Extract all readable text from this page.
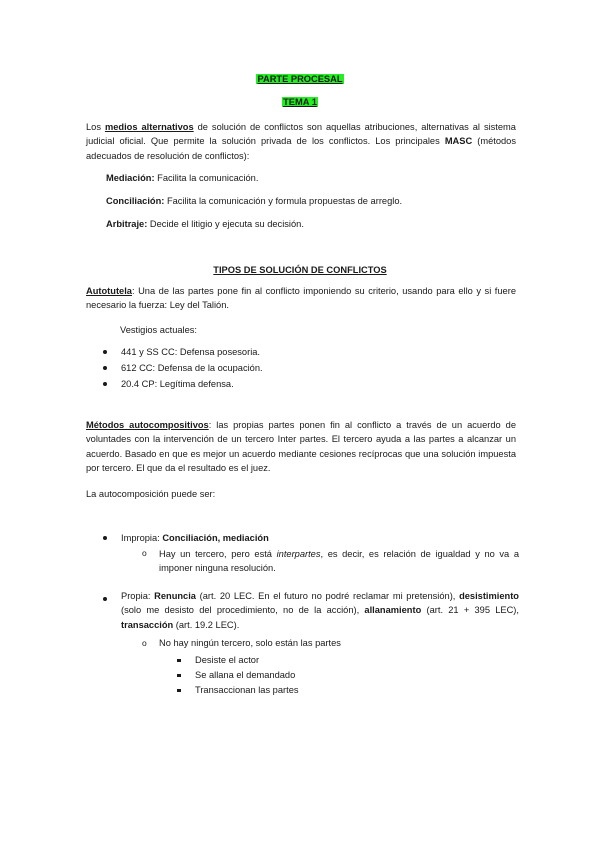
PARTE PROCESAL
TEMA 1
Los medios alternativos de solución de conflictos son aquellas atribuciones, alternativas al sistema judicial oficial. Que permite la solución privada de los conflictos. Los principales MASC (métodos adecuados de resolución de conflictos):
Mediación: Facilita la comunicación.
Conciliación: Facilita la comunicación y formula propuestas de arreglo.
Arbitraje: Decide el litigio y ejecuta su decisión.
TIPOS DE SOLUCIÓN DE CONFLICTOS
Autotutela: Una de las partes pone fin al conflicto imponiendo su criterio, usando para ello y si fuere necesario la fuerza: Ley del Talión.
Vestigios actuales:
441 y SS CC: Defensa posesoria.
612 CC: Defensa de la ocupación.
20.4 CP: Legítima defensa.
Métodos autocompositivos: las propias partes ponen fin al conflicto a través de un acuerdo de voluntades con la intervención de un tercero Inter partes. El tercero ayuda a las partes a alcanzar un acuerdo. Basado en que es mejor un acuerdo mediante cesiones recíprocas que una solución impuesta por tercero. El que da el resultado es el juez.
La autocomposición puede ser:
Impropia: Conciliación, mediación
o Hay un tercero, pero está interpartes, es decir, es relación de igualdad y no va a imponer ninguna resolución.
Propia: Renuncia (art. 20 LEC. En el futuro no podré reclamar mi pretensión), desistimiento (solo me desisto del procedimiento, no de la acción), allanamiento (art. 21 + 395 LEC), transacción (art. 19.2 LEC).
o No hay ningún tercero, solo están las partes
Desiste el actor
Se allana el demandado
Transaccionan las partes
